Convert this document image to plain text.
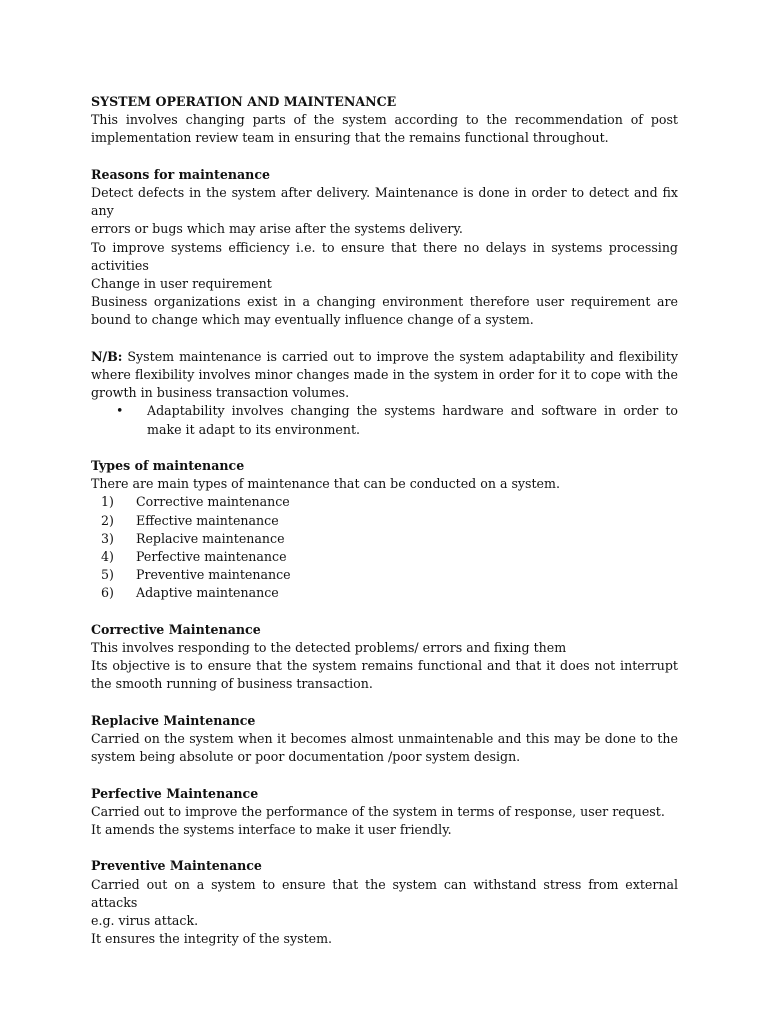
SYSTEM OPERATION AND MAINTENANCE
This involves changing parts of the system according to the recommendation of post
implementation review team in ensuring that the remains functional throughout.
Reasons for maintenance
Detect defects in the system after delivery. Maintenance is done in order to detect and fix any
errors or bugs which may arise after the systems delivery.
To improve systems efficiency i.e. to ensure that there no delays in systems processing
activities
Change in user requirement
Business organizations exist in a changing environment therefore user requirement are
bound to change which may eventually influence change of a system.
N/B: System maintenance is carried out to improve the system adaptability and flexibility
where flexibility involves minor changes made in the system in order for it to cope with the
growth in business transaction volumes.
• Adaptability involves changing the systems hardware and software in order to
make it adapt to its environment.
Types of maintenance
There are main types of maintenance that can be conducted on a system.
1) Corrective maintenance
2) Effective maintenance
3) Replacive maintenance
4) Perfective maintenance
5) Preventive maintenance
6) Adaptive maintenance
Corrective Maintenance
This involves responding to the detected problems/ errors and fixing them
Its objective is to ensure that the system remains functional and that it does not interrupt
the smooth running of business transaction.
Replacive Maintenance
Carried on the system when it becomes almost unmaintenable and this may be done to the
system being absolute or poor documentation /poor system design.
Perfective Maintenance
Carried out to improve the performance of the system in terms of response, user request.
It amends the systems interface to make it user friendly.
Preventive Maintenance
Carried out on a system to ensure that the system can withstand stress from external attacks
e.g. virus attack.
It ensures the integrity of the system.
